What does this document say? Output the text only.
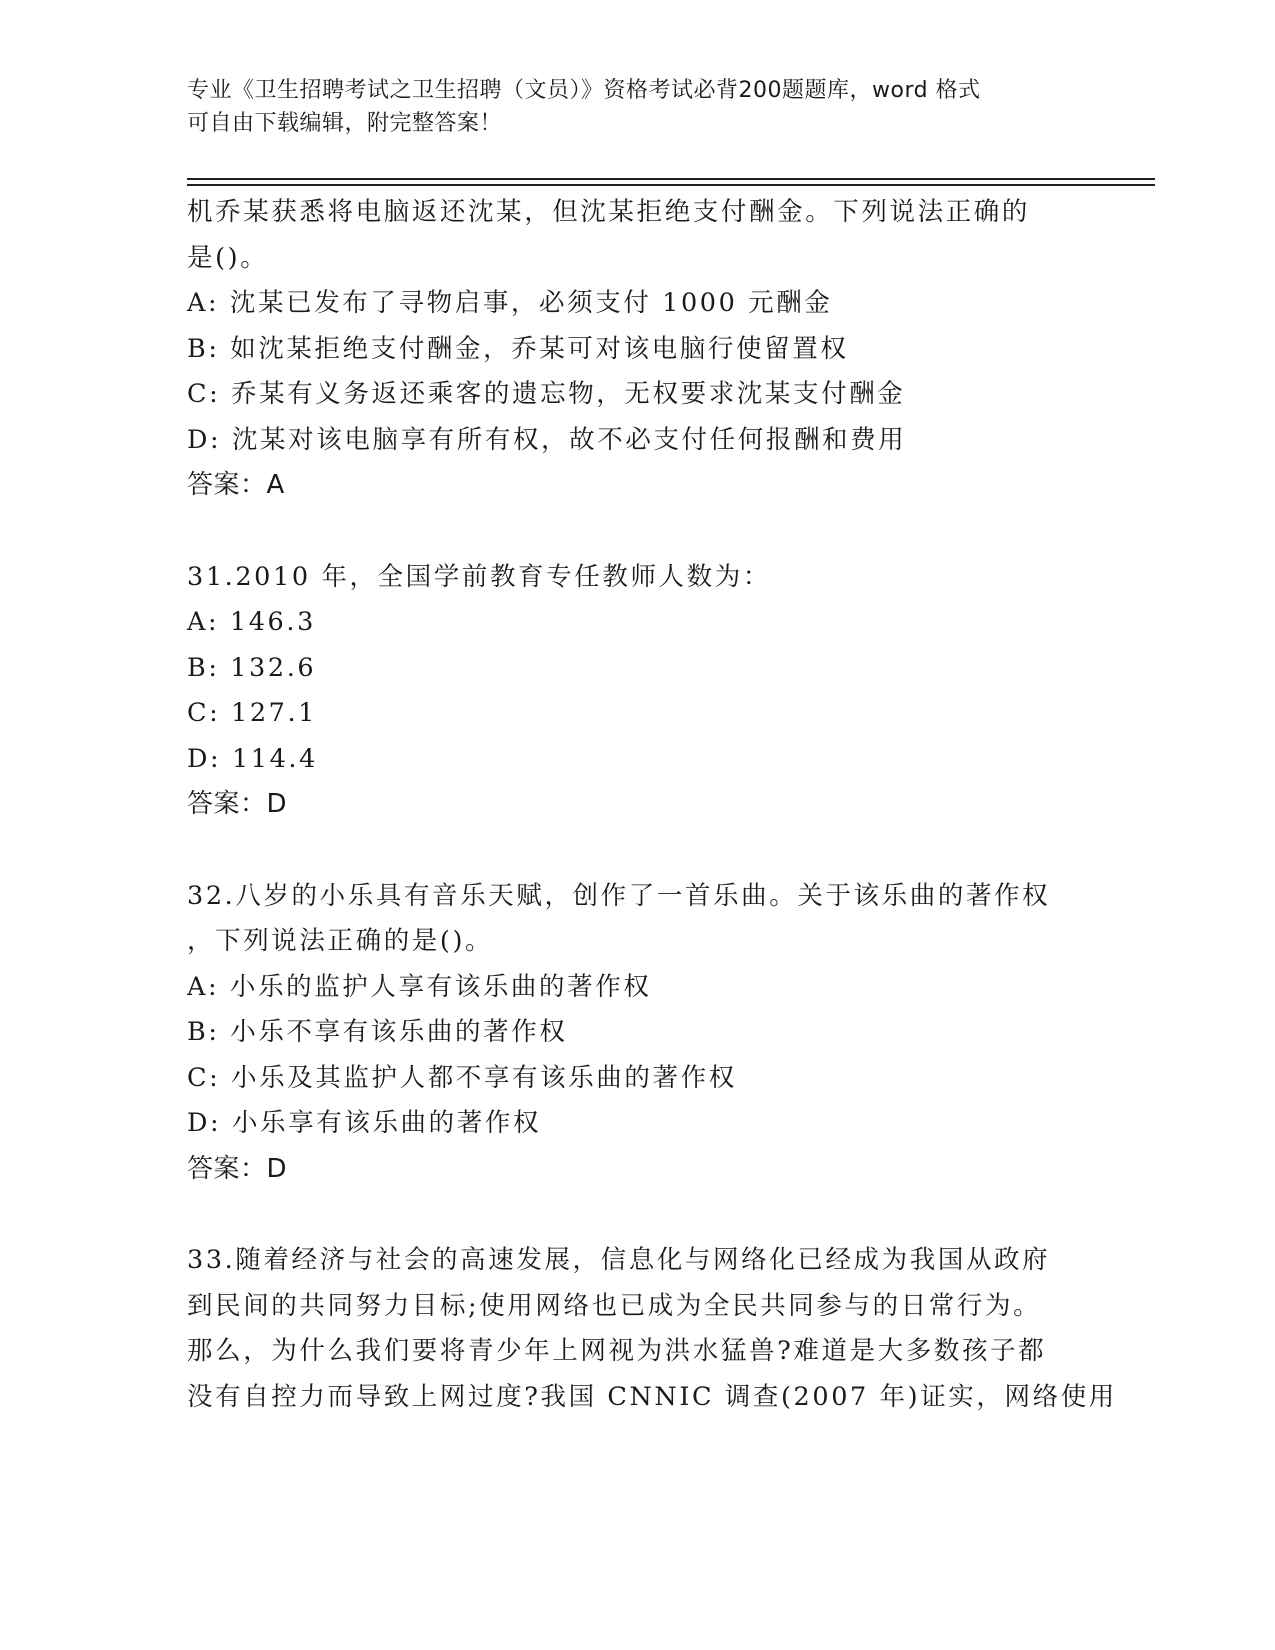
专业《卫生招聘考试之卫生招聘（文员）》资格考试必背200题题库，word 格式
可自由下载编辑，附完整答案！
机乔某获悉将电脑返还沈某，但沈某拒绝支付酬金。下列说法正确的
是()。
A: 沈某已发布了寻物启事，必须支付 1000 元酬金
B: 如沈某拒绝支付酬金，乔某可对该电脑行使留置权
C: 乔某有义务返还乘客的遗忘物，无权要求沈某支付酬金
D: 沈某对该电脑享有所有权，故不必支付任何报酬和费用
答案：A
31.2010 年，全国学前教育专任教师人数为：
A: 146.3
B: 132.6
C: 127.1
D: 114.4
答案：D
32.八岁的小乐具有音乐天赋，创作了一首乐曲。关于该乐曲的著作权
，下列说法正确的是()。
A: 小乐的监护人享有该乐曲的著作权
B: 小乐不享有该乐曲的著作权
C: 小乐及其监护人都不享有该乐曲的著作权
D: 小乐享有该乐曲的著作权
答案：D
33.随着经济与社会的高速发展，信息化与网络化已经成为我国从政府
到民间的共同努力目标;使用网络也已成为全民共同参与的日常行为。
那么，为什么我们要将青少年上网视为洪水猛兽?难道是大多数孩子都
没有自控力而导致上网过度?我国 CNNIC 调查(2007 年)证实，网络使用
